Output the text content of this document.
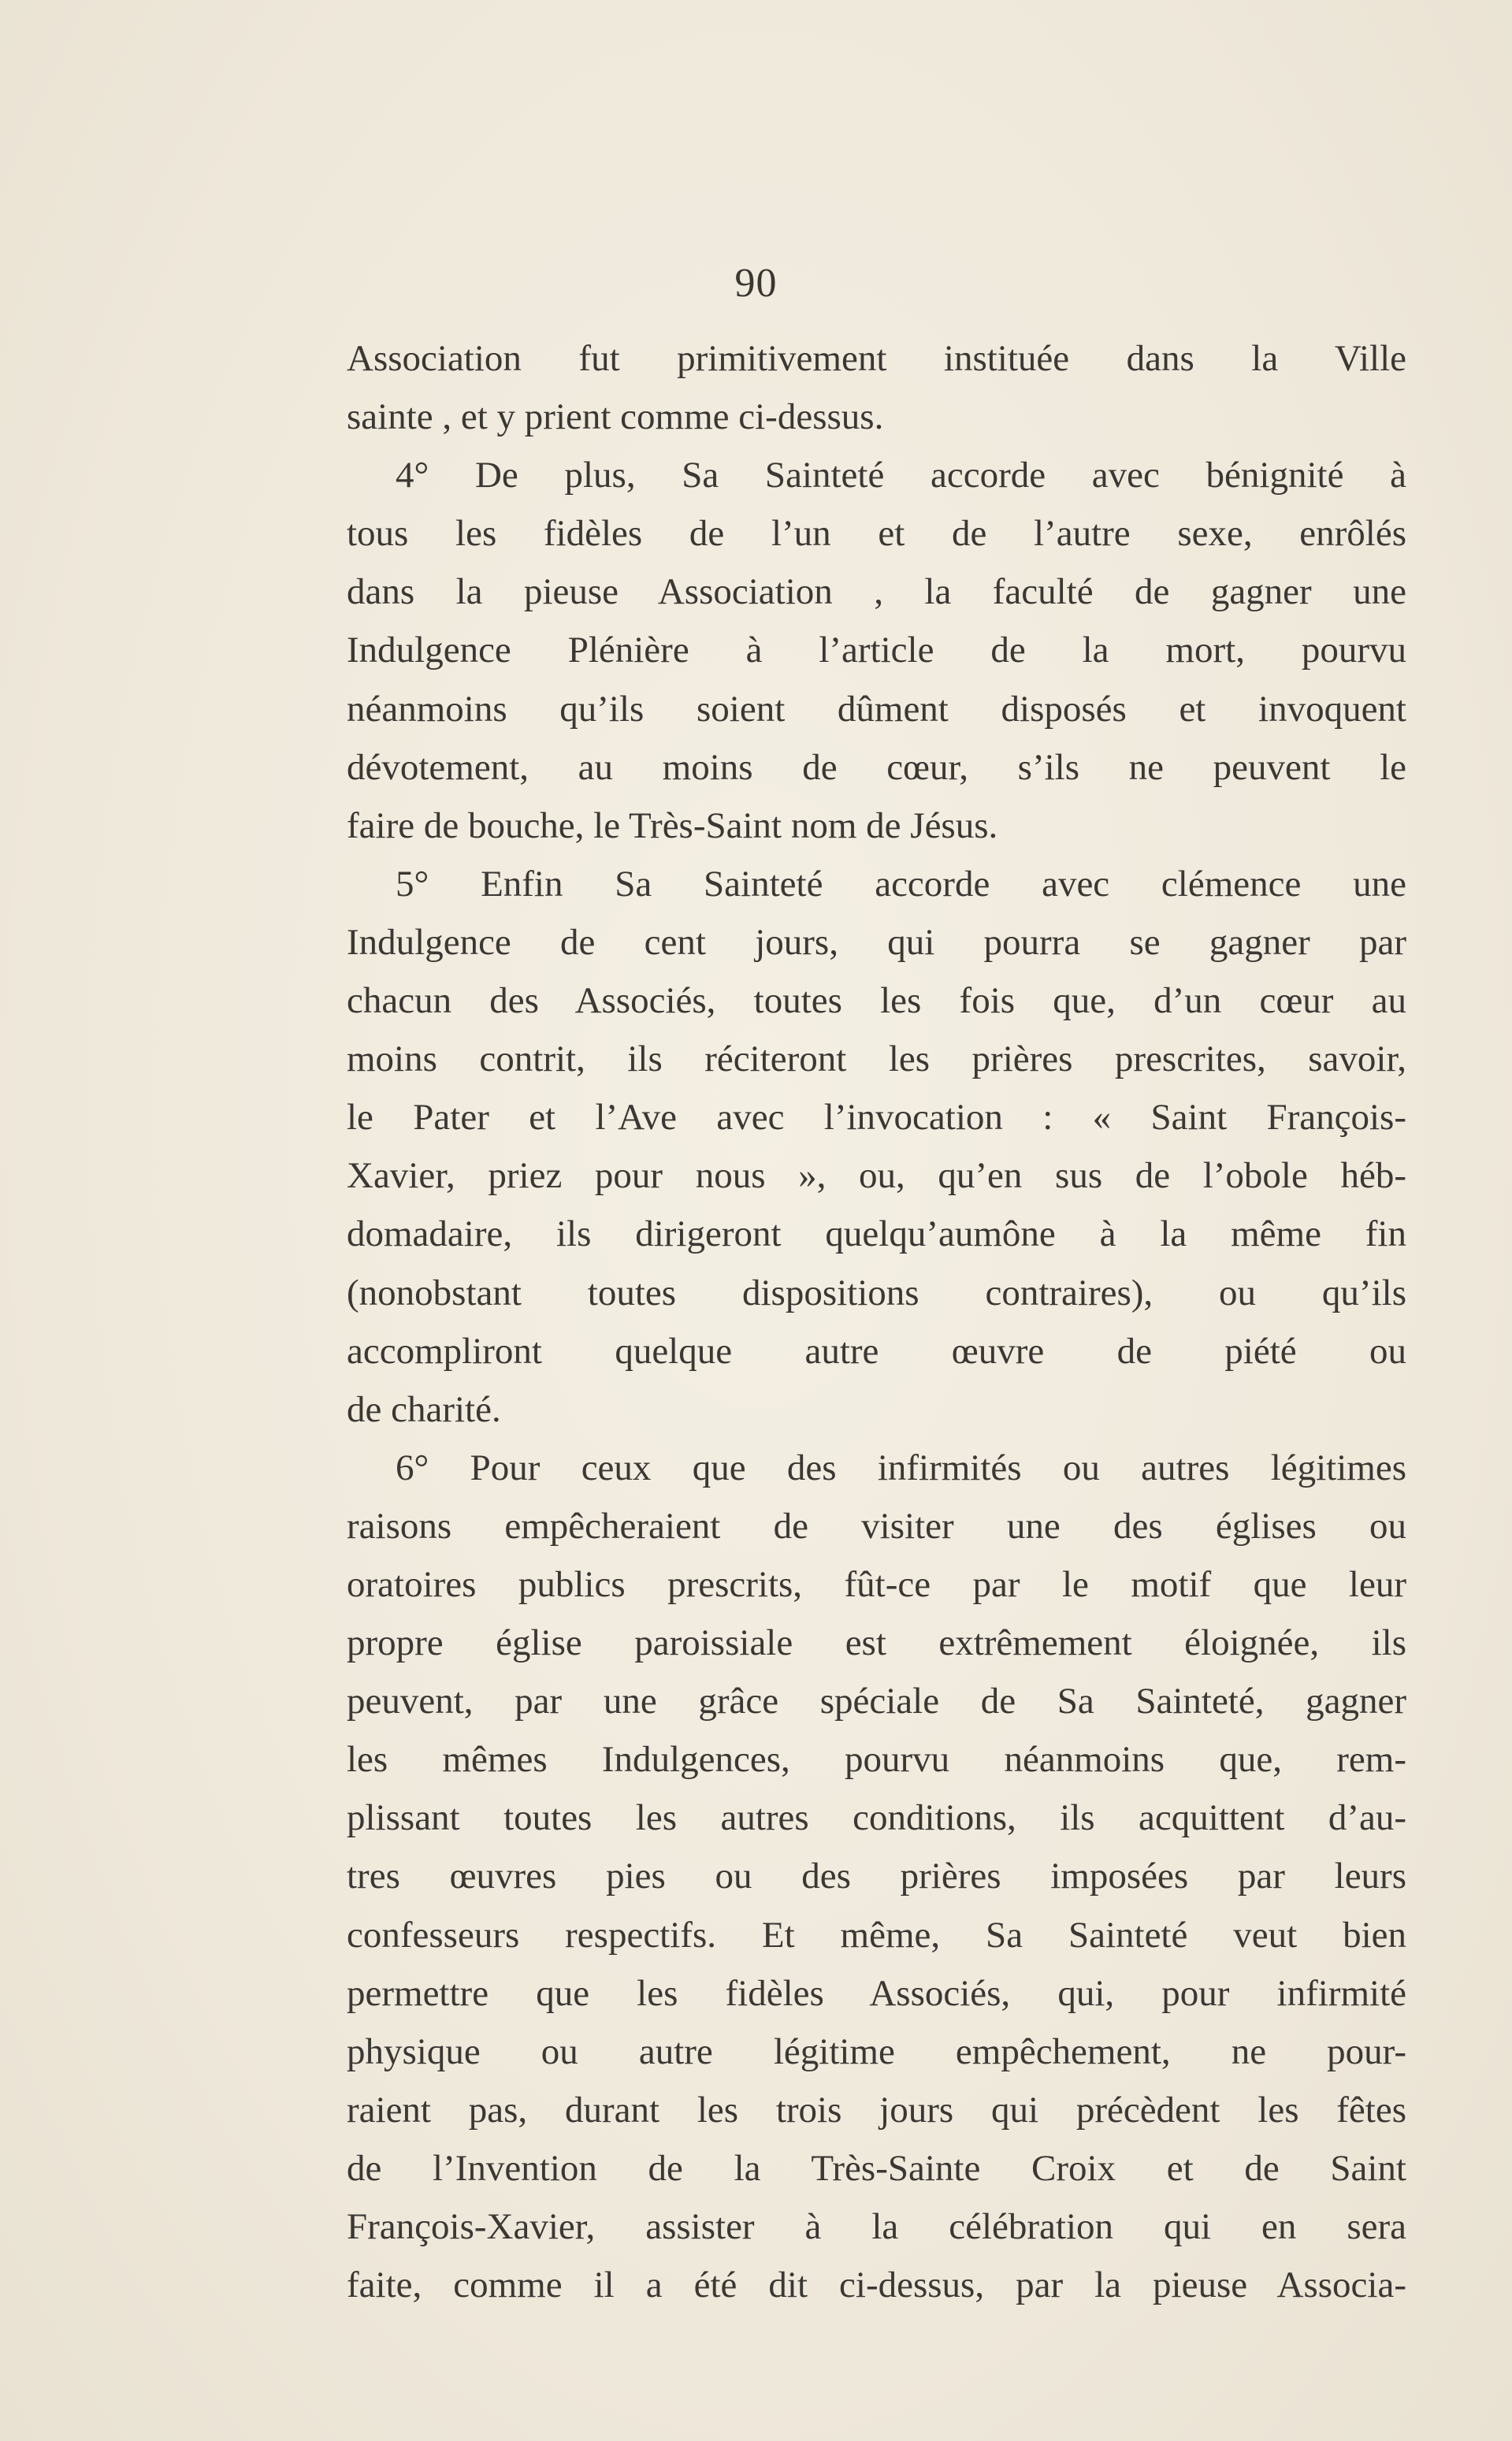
90
Association fut primitivement instituée dans la Ville
sainte , et y prient comme ci-dessus.
4° De plus, Sa Sainteté accorde avec bénignité à
tous les fidèles de l’un et de l’autre sexe, enrôlés
dans la pieuse Association , la faculté de gagner une
Indulgence Plénière à l’article de la mort, pourvu
néanmoins qu’ils soient dûment disposés et invoquent
dévotement, au moins de cœur, s’ils ne peuvent le
faire de bouche, le Très-Saint nom de Jésus.
5° Enfin Sa Sainteté accorde avec clémence une
Indulgence de cent jours, qui pourra se gagner par
chacun des Associés, toutes les fois que, d’un cœur au
moins contrit, ils réciteront les prières prescrites, savoir,
le Pater et l’Ave avec l’invocation : « Saint François-
Xavier, priez pour nous », ou, qu’en sus de l’obole héb-
domadaire, ils dirigeront quelqu’aumône à la même fin
(nonobstant toutes dispositions contraires), ou qu’ils
accompliront quelque autre œuvre de piété ou
de charité.
6° Pour ceux que des infirmités ou autres légitimes
raisons empêcheraient de visiter une des églises ou
oratoires publics prescrits, fût-ce par le motif que leur
propre église paroissiale est extrêmement éloignée, ils
peuvent, par une grâce spéciale de Sa Sainteté, gagner
les mêmes Indulgences, pourvu néanmoins que, rem-
plissant toutes les autres conditions, ils acquittent d’au-
tres œuvres pies ou des prières imposées par leurs
confesseurs respectifs. Et même, Sa Sainteté veut bien
permettre que les fidèles Associés, qui, pour infirmité
physique ou autre légitime empêchement, ne pour-
raient pas, durant les trois jours qui précèdent les fêtes
de l’Invention de la Très-Sainte Croix et de Saint
François-Xavier, assister à la célébration qui en sera
faite, comme il a été dit ci-dessus, par la pieuse Associa-
